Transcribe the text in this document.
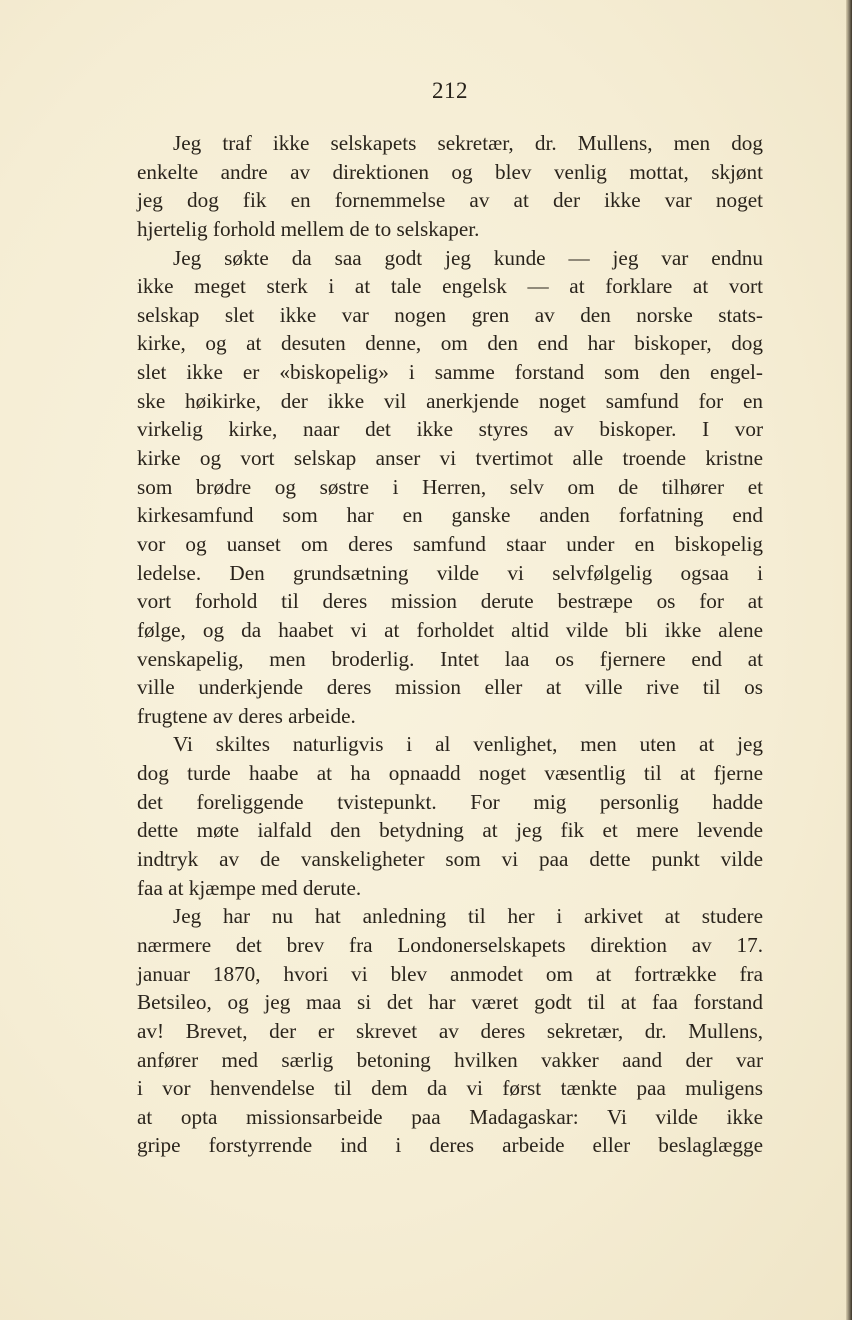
212
Jeg traf ikke selskapets sekretær, dr. Mullens, men dog
enkelte andre av direktionen og blev venlig mottat, skjønt
jeg dog fik en fornemmelse av at der ikke var noget
hjertelig forhold mellem de to selskaper.
Jeg søkte da saa godt jeg kunde — jeg var endnu
ikke meget sterk i at tale engelsk — at forklare at vort
selskap slet ikke var nogen gren av den norske stats-
kirke, og at desuten denne, om den end har biskoper, dog
slet ikke er «biskopelig» i samme forstand som den engel-
ske høikirke, der ikke vil anerkjende noget samfund for en
virkelig kirke, naar det ikke styres av biskoper. I vor
kirke og vort selskap anser vi tvertimot alle troende kristne
som brødre og søstre i Herren, selv om de tilhører et
kirkesamfund som har en ganske anden forfatning end
vor og uanset om deres samfund staar under en biskopelig
ledelse. Den grundsætning vilde vi selvfølgelig ogsaa i
vort forhold til deres mission derute bestræpe os for at
følge, og da haabet vi at forholdet altid vilde bli ikke alene
venskapelig, men broderlig. Intet laa os fjernere end at
ville underkjende deres mission eller at ville rive til os
frugtene av deres arbeide.
Vi skiltes naturligvis i al venlighet, men uten at jeg
dog turde haabe at ha opnaadd noget væsentlig til at fjerne
det foreliggende tvistepunkt. For mig personlig hadde
dette møte ialfald den betydning at jeg fik et mere levende
indtryk av de vanskeligheter som vi paa dette punkt vilde
faa at kjæmpe med derute.
Jeg har nu hat anledning til her i arkivet at studere
nærmere det brev fra Londonerselskapets direktion av 17.
januar 1870, hvori vi blev anmodet om at fortrække fra
Betsileo, og jeg maa si det har været godt til at faa forstand
av! Brevet, der er skrevet av deres sekretær, dr. Mullens,
anfører med særlig betoning hvilken vakker aand der var
i vor henvendelse til dem da vi først tænkte paa muligens
at opta missionsarbeide paa Madagaskar: Vi vilde ikke
gripe forstyrrende ind i deres arbeide eller beslaglægge
